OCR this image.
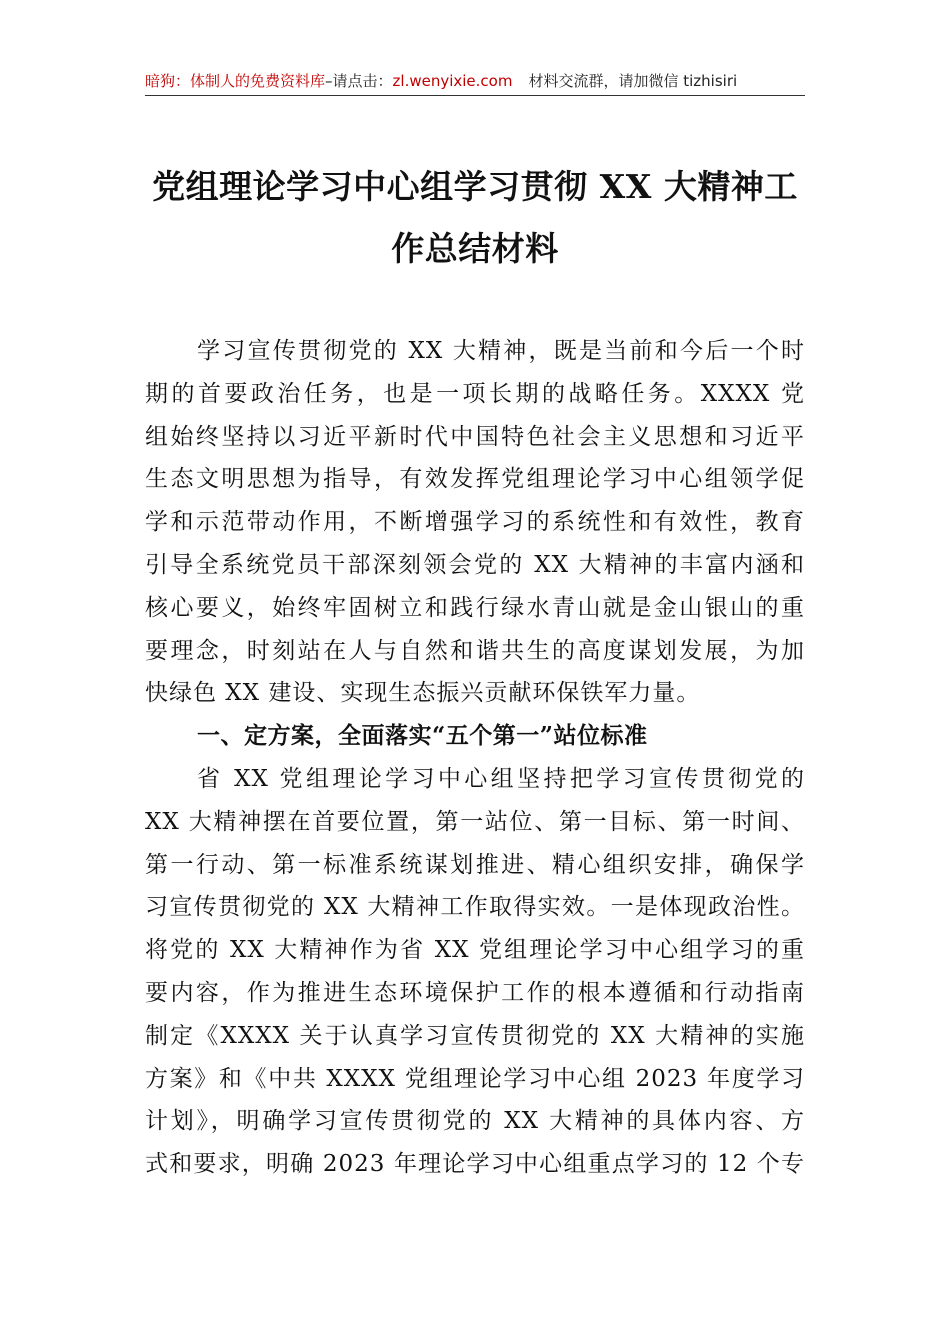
暗狗：体制人的免费资料库–请点击：zl.wenyixie.com 材料交流群，请加微信 tizhisiri
党组理论学习中心组学习贯彻 XX 大精神工
作总结材料
学习宣传贯彻党的 XX 大精神，既是当前和今后一个时
期的首要政治任务，也是一项长期的战略任务。XXXX 党
组始终坚持以习近平新时代中国特色社会主义思想和习近平
生态文明思想为指导，有效发挥党组理论学习中心组领学促
学和示范带动作用，不断增强学习的系统性和有效性，教育
引导全系统党员干部深刻领会党的 XX 大精神的丰富内涵和
核心要义，始终牢固树立和践行绿水青山就是金山银山的重
要理念，时刻站在人与自然和谐共生的高度谋划发展，为加
快绿色 XX 建设、实现生态振兴贡献环保铁军力量。
一、定方案，全面落实“五个第一”站位标准
省 XX 党组理论学习中心组坚持把学习宣传贯彻党的
XX 大精神摆在首要位置，第一站位、第一目标、第一时间、
第一行动、第一标准系统谋划推进、精心组织安排，确保学
习宣传贯彻党的 XX 大精神工作取得实效。一是体现政治性。
将党的 XX 大精神作为省 XX 党组理论学习中心组学习的重
要内容，作为推进生态环境保护工作的根本遵循和行动指南
制定《XXXX 关于认真学习宣传贯彻党的 XX 大精神的实施
方案》和《中共 XXXX 党组理论学习中心组 2023 年度学习
计划》，明确学习宣传贯彻党的 XX 大精神的具体内容、方
式和要求，明确 2023 年理论学习中心组重点学习的 12 个专
